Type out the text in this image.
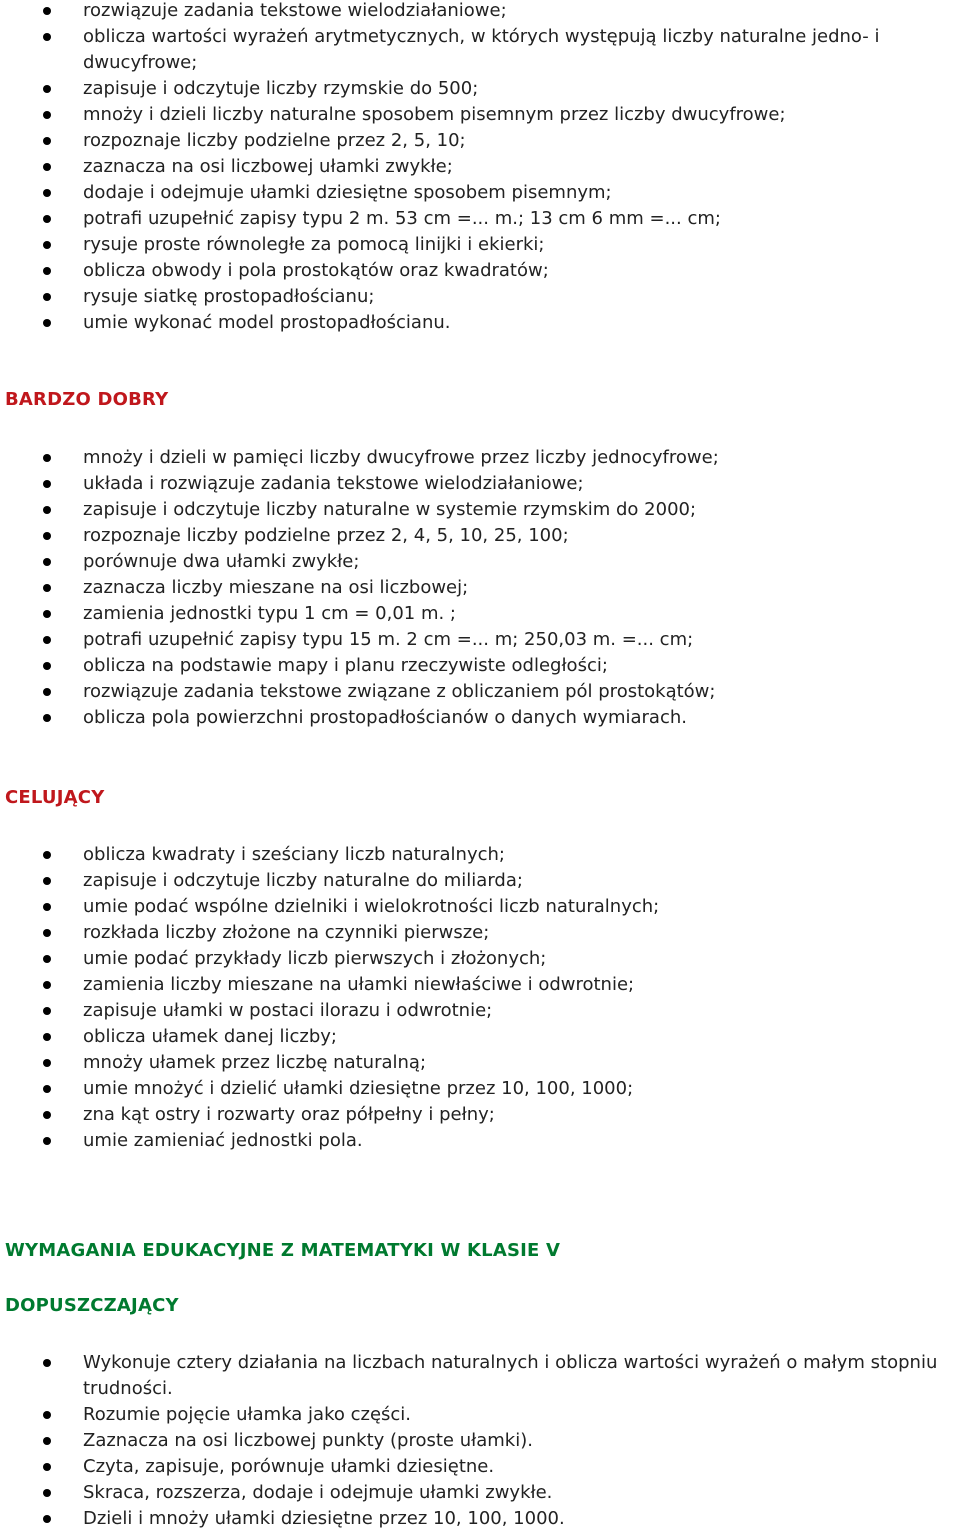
rozwiązuje zadania tekstowe wielodziałaniowe;
oblicza wartości wyrażeń arytmetycznych, w których występują liczby naturalne jedno- i dwucyfrowe;
zapisuje i odczytuje liczby rzymskie do 500;
mnoży i dzieli liczby naturalne sposobem pisemnym przez liczby dwucyfrowe;
rozpoznaje liczby podzielne przez 2, 5, 10;
zaznacza na osi liczbowej ułamki zwykłe;
dodaje i odejmuje ułamki dziesiętne sposobem pisemnym;
potrafi uzupełnić zapisy typu 2 m. 53 cm =... m.; 13 cm 6 mm =... cm;
rysuje proste równoległe za pomocą linijki i ekierki;
oblicza obwody i pola prostokątów oraz kwadratów;
rysuje siatkę prostopadłościanu;
umie wykonać model prostopadłościanu.
BARDZO DOBRY
mnoży i dzieli w pamięci liczby dwucyfrowe przez liczby jednocyfrowe;
układa i rozwiązuje zadania tekstowe wielodziałaniowe;
zapisuje i odczytuje liczby naturalne w systemie rzymskim do 2000;
rozpoznaje liczby podzielne przez 2, 4, 5, 10, 25, 100;
porównuje dwa ułamki zwykłe;
zaznacza liczby mieszane na osi liczbowej;
zamienia jednostki typu 1 cm = 0,01 m. ;
potrafi uzupełnić zapisy typu 15 m. 2 cm =... m; 250,03 m. =... cm;
oblicza na podstawie mapy i planu rzeczywiste odległości;
rozwiązuje zadania tekstowe związane z obliczaniem pól prostokątów;
oblicza pola powierzchni prostopadłościanów o danych wymiarach.
CELUJĄCY
oblicza kwadraty i sześciany liczb naturalnych;
zapisuje i odczytuje liczby naturalne do miliarda;
umie podać wspólne dzielniki i wielokrotności liczb naturalnych;
rozkłada liczby złożone na czynniki pierwsze;
umie podać przykłady liczb pierwszych i złożonych;
zamienia liczby mieszane na ułamki niewłaściwe i odwrotnie;
zapisuje ułamki w postaci ilorazu i odwrotnie;
oblicza ułamek danej liczby;
mnoży ułamek przez liczbę naturalną;
umie mnożyć i dzielić ułamki dziesiętne przez 10, 100, 1000;
zna kąt ostry i rozwarty oraz półpełny i pełny;
umie zamieniać jednostki pola.
WYMAGANIA EDUKACYJNE Z MATEMATYKI W KLASIE V
DOPUSZCZAJĄCY
Wykonuje cztery działania na liczbach naturalnych i oblicza wartości wyrażeń o małym stopniu trudności.
Rozumie pojęcie ułamka jako części.
Zaznacza na osi liczbowej punkty (proste ułamki).
Czyta, zapisuje, porównuje ułamki dziesiętne.
Skraca, rozszerza, dodaje i odejmuje ułamki zwykłe.
Dzieli i mnoży ułamki dziesiętne przez 10, 100, 1000.
